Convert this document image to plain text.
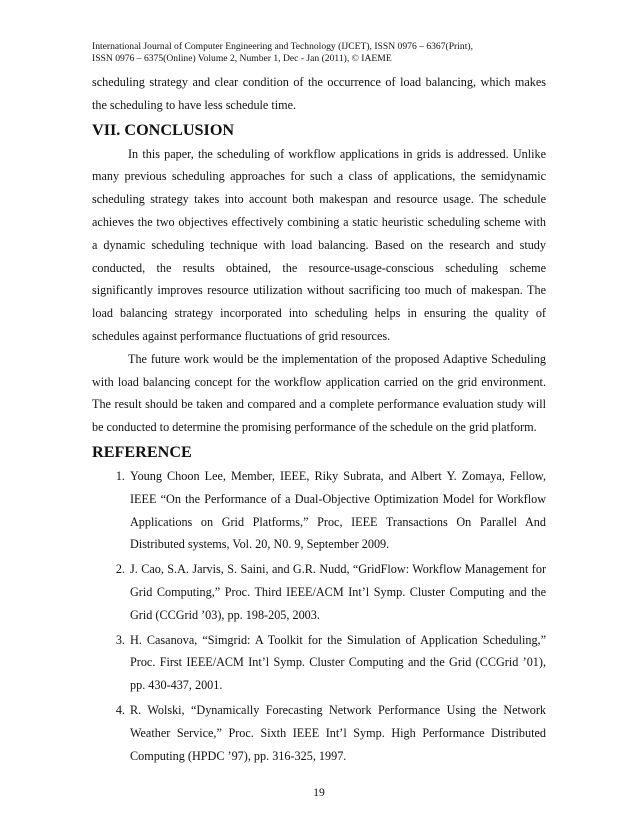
International Journal of Computer Engineering and Technology (IJCET), ISSN 0976 – 6367(Print),
ISSN 0976 – 6375(Online) Volume 2, Number 1, Dec - Jan (2011), © IAEME

scheduling strategy and clear condition of the occurrence of load balancing, which makes the scheduling to have less schedule time.

VII. CONCLUSION

In this paper, the scheduling of workflow applications in grids is addressed. Unlike many previous scheduling approaches for such a class of applications, the semidynamic scheduling strategy takes into account both makespan and resource usage. The schedule achieves the two objectives effectively combining a static heuristic scheduling scheme with a dynamic scheduling technique with load balancing. Based on the research and study conducted, the results obtained, the resource-usage-conscious scheduling scheme significantly improves resource utilization without sacrificing too much of makespan. The load balancing strategy incorporated into scheduling helps in ensuring the quality of schedules against performance fluctuations of grid resources.

The future work would be the implementation of the proposed Adaptive Scheduling with load balancing concept for the workflow application carried on the grid environment. The result should be taken and compared and a complete performance evaluation study will be conducted to determine the promising performance of the schedule on the grid platform.

REFERENCE
1. Young Choon Lee, Member, IEEE, Riky Subrata, and Albert Y. Zomaya, Fellow, IEEE “On the Performance of a Dual-Objective Optimization Model for Workflow Applications on Grid Platforms,” Proc, IEEE Transactions On Parallel And Distributed systems, Vol. 20, N0. 9, September 2009.
2. J. Cao, S.A. Jarvis, S. Saini, and G.R. Nudd, “GridFlow: Workflow Management for Grid Computing,” Proc. Third IEEE/ACM Int’l Symp. Cluster Computing and the Grid (CCGrid ’03), pp. 198-205, 2003.
3. H. Casanova, “Simgrid: A Toolkit for the Simulation of Application Scheduling,” Proc. First IEEE/ACM Int’l Symp. Cluster Computing and the Grid (CCGrid ’01), pp. 430-437, 2001.
4. R. Wolski, “Dynamically Forecasting Network Performance Using the Network Weather Service,” Proc. Sixth IEEE Int’l Symp. High Performance Distributed Computing (HPDC ’97), pp. 316-325, 1997.
19
